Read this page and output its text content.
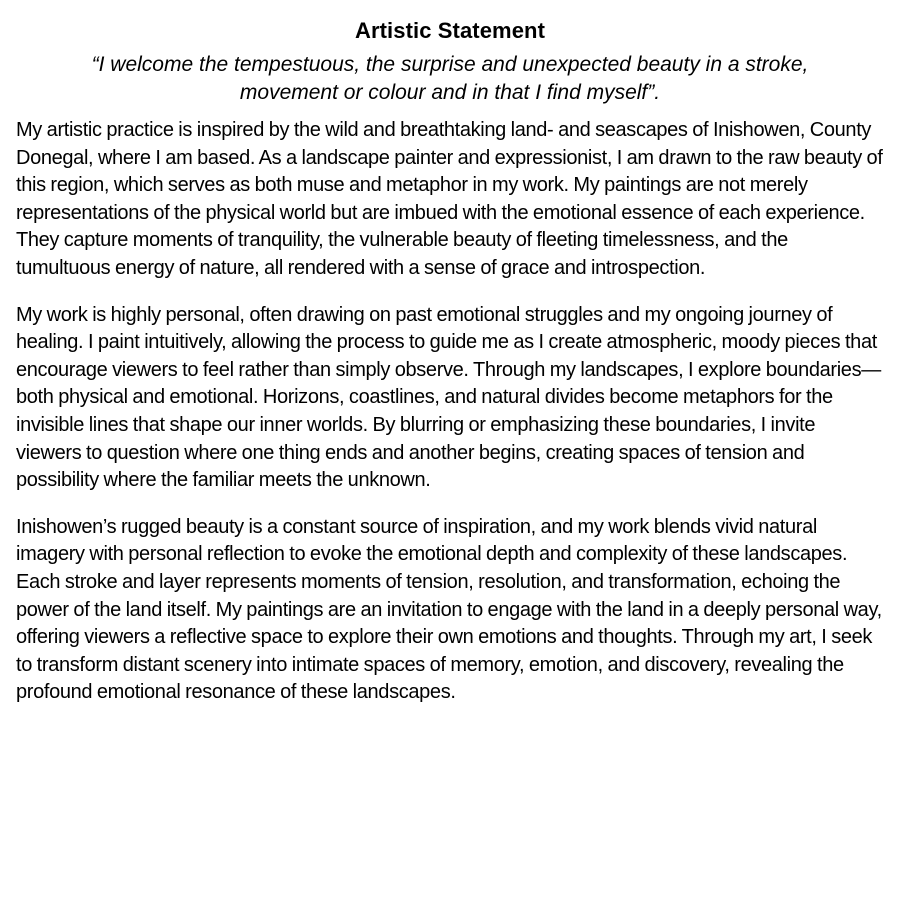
Artistic Statement

“I welcome the tempestuous, the surprise and unexpected beauty in a stroke, movement or colour and in that I find myself”.

My artistic practice is inspired by the wild and breathtaking land- and seascapes of Inishowen, County Donegal, where I am based. As a landscape painter and expressionist, I am drawn to the raw beauty of this region, which serves as both muse and metaphor in my work. My paintings are not merely representations of the physical world but are imbued with the emotional essence of each experience. They capture moments of tranquility, the vulnerable beauty of fleeting timelessness, and the tumultuous energy of nature, all rendered with a sense of grace and introspection.

My work is highly personal, often drawing on past emotional struggles and my ongoing journey of healing. I paint intuitively, allowing the process to guide me as I create atmospheric, moody pieces that encourage viewers to feel rather than simply observe. Through my landscapes, I explore boundaries—both physical and emotional. Horizons, coastlines, and natural divides become metaphors for the invisible lines that shape our inner worlds. By blurring or emphasizing these boundaries, I invite viewers to question where one thing ends and another begins, creating spaces of tension and possibility where the familiar meets the unknown.

Inishowen’s rugged beauty is a constant source of inspiration, and my work blends vivid natural imagery with personal reflection to evoke the emotional depth and complexity of these landscapes. Each stroke and layer represents moments of tension, resolution, and transformation, echoing the power of the land itself. My paintings are an invitation to engage with the land in a deeply personal way, offering viewers a reflective space to explore their own emotions and thoughts. Through my art, I seek to transform distant scenery into intimate spaces of memory, emotion, and discovery, revealing the profound emotional resonance of these landscapes.
